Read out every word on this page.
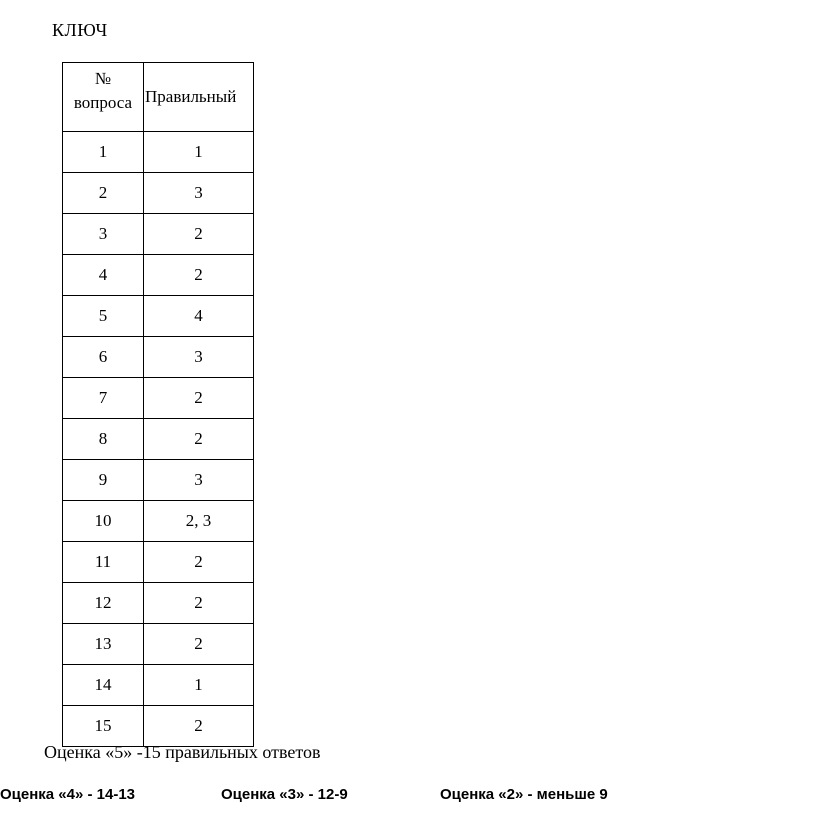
КЛЮЧ
№
вопроса	Правильный
1	1
2	3
3	2
4	2
5	4
6	3
7	2
8	2
9	3
10	2, 3
11	2
12	2
13	2
14	1
15	2
Оценка «5» -15 правильных ответов
Оценка «4» - 14-13	Оценка «3» - 12-9	Оценка «2» - меньше 9
